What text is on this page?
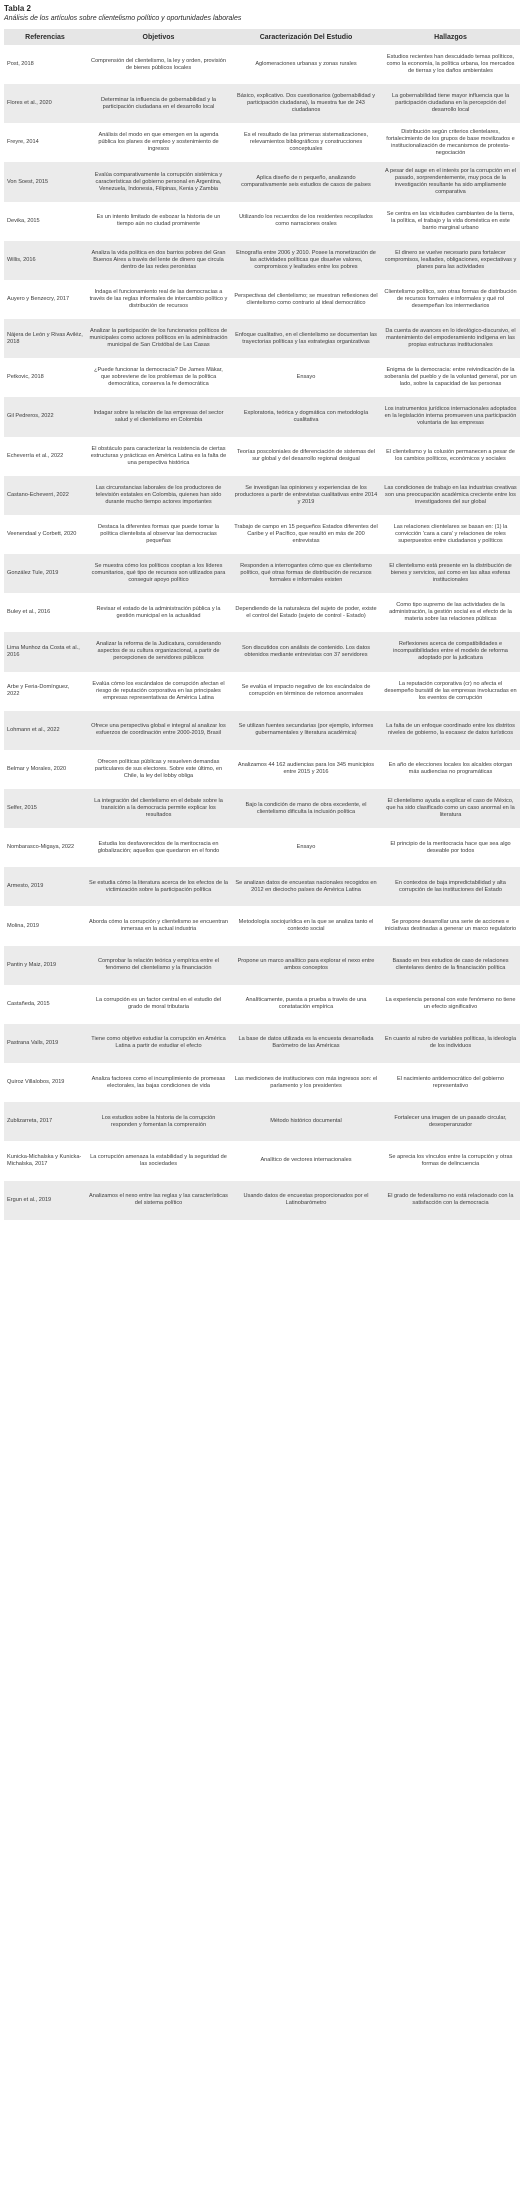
Tabla 2

Análisis de los artículos sobre clientelismo político y oportunidades laborales

Referencias	Objetivos	Caracterización Del Estudio	Hallazgos

Post, 2018	Comprensión del clientelismo, la ley y orden, provisión de bienes públicos locales	Aglomeraciones urbanas y zonas rurales	Estudios recientes han descuidado temas políticos, como la economía, la política urbana, los mercados de tierras y los daños ambientales

Flores et al., 2020	Determinar la influencia de gobernabilidad y la participación ciudadana en el desarrollo local	Básico, explicativo. Dos cuestionarios (gobernabilidad y participación ciudadana), la muestra fue de 243 ciudadanos	La gobernabilidad tiene mayor influencia que la participación ciudadana en la percepción del desarrollo local

Freyre, 2014	Análisis del modo en que emergen en la agenda pública los planes de empleo y sostenimiento de ingresos	Es el resultado de las primeras sistematizaciones, relevamientos bibliográficos y construcciones conceptuales	Distribución según criterios clientelares, fortalecimiento de los grupos de base movilizados e institucionalización de mecanismos de protesta-negociación

Von Soest, 2015	Evalúa comparativamente la corrupción sistémica y características del gobierno personal en Argentina, Venezuela, Indonesia, Filipinas, Kenia y Zambia	Aplica diseño de n pequeño, analizando comparativamente seis estudios de casos de países	A pesar del auge en el interés por la corrupción en el pasado, sorprendentemente, muy poca de la investigación resultante ha sido ampliamente comparativa

Devika, 2015	Es un intento limitado de esbozar la historia de un tiempo aún no ciudad prominente	Utilizando los recuerdos de los residentes recopilados como narraciones orales	Se centra en las vicisitudes cambiantes de la tierra, la política, el trabajo y la vida doméstica en este barrio marginal urbano

Willis, 2016	Analiza la vida política en dos barrios pobres del Gran Buenos Aires a través del lente de dinero que circula dentro de las redes peronistas	Etnografía entre 2006 y 2010. Posee la monetización de las actividades políticas que disuelve valores, compromisos y lealtades entre los pobres	El dinero se vuelve necesario para fortalecer compromisos, lealtades, obligaciones, expectativas y planes para las actividades

Auyero y Benzecry, 2017	Indaga el funcionamiento real de las democracias a través de las reglas informales de intercambio político y distribución de recursos	Perspectivas del clientelismo; se muestran reflexiones del clientelismo como contrario al ideal democrático	Clientelismo político, son otras formas de distribución de recursos formales e informales y qué rol desempeñan los intermediarios

Nájera de León y Rivas Aviléz, 2018	Analizar la participación de los funcionarios políticos de municipales como actores políticos en la administración municipal de San Cristóbal de Las Casas	Enfoque cualitativo, en el clientelismo se documentan las trayectorias políticas y las estrategias organizativas	Da cuenta de avances en lo ideológico-discursivo, el mantenimiento del empoderamiento indígena en las propias estructuras institucionales

Petkovic, 2018	¿Puede funcionar la democracia? De James Mäkar, que sobreviene de los problemas de la política democrática, conserva la fe democrática	Ensayo	Enigma de la democracia: entre reivindicación de la soberanía del pueblo y de la voluntad general, por un lado, sobre la capacidad de las personas

Gil Pedreros, 2022	Indagar sobre la relación de las empresas del sector salud y el clientelismo en Colombia	Exploratoria, teórica y dogmática con metodología cualitativa	Los instrumentos jurídicos internacionales adoptados en la legislación interna promueven una participación voluntaria de las empresas

Echeverría et al., 2022	El obstáculo para caracterizar la resistencia de ciertas estructuras y prácticas en América Latina es la falta de una perspectiva histórica	Teorías poscoloniales de diferenciación de sistemas del sur global y del desarrollo regional desigual	El clientelismo y la colusión permanecen a pesar de los cambios políticos, económicos y sociales

Castano-Echeverri, 2022	Las circunstancias laborales de los productores de televisión estatales en Colombia, quienes han sido durante mucho tiempo actores importantes	Se investigan las opiniones y experiencias de los productores a partir de entrevistas cualitativas entre 2014 y 2019	Las condiciones de trabajo en las industrias creativas son una preocupación académica creciente entre los investigadores del sur global

Veenendaal y Corbett, 2020	Destaca la diferentes formas que puede tomar la política clientelista al observar las democracias pequeñas	Trabajo de campo en 15 pequeños Estados diferentes del Caribe y el Pacífico, que resultó en más de 200 entrevistas	Las relaciones clientelares se basan en: (1) la convicción 'cara a cara' y relaciones de roles superpuestos entre ciudadanos y políticos

González Tule, 2019	Se muestra cómo los políticos cooptan a los líderes comunitarios, qué tipo de recursos son utilizados para conseguir apoyo político	Responden a interrogantes cómo que es clientelismo político, qué otras formas de distribución de recursos formales e informales existen	El clientelismo está presente en la distribución de bienes y servicios, así como en las altas esferas institucionales

Buley et al., 2016	Revisar el estado de la administración pública y la gestión municipal en la actualidad	Dependiendo de la naturaleza del sujeto de poder, existe el control del Estado (sujeto de control - Estado)	Como tipo supremo de las actividades de la administración, la gestión social es el efecto de la materia sobre las relaciones públicas

Lima Munhoz da Costa et al., 2016	Analizar la reforma de la Judicatura, considerando aspectos de su cultura organizacional, a partir de percepciones de servidores públicos	Son discutidos con análisis de contenido. Los datos obtenidos mediante entrevistas con 37 servidores	Reflexiones acerca de compatibilidades e incompatibilidades entre el modelo de reforma adoptado por la judicatura

Arbe y Feria-Domínguez, 2022	Evalúa cómo los escándalos de corrupción afectan el riesgo de reputación corporativa en las principales empresas representativas de América Latina	Se evalúa el impacto negativo de los escándalos de corrupción en términos de retornos anormales	La reputación corporativa (cr) no afecta el desempeño bursátil de las empresas involucradas en los eventos de corrupción

Lohmann et al., 2022	Ofrece una perspectiva global e integral al analizar los esfuerzos de coordinación entre 2000-2019, Brasil	Se utilizan fuentes secundarias (por ejemplo, informes gubernamentales y literatura académica)	La falta de un enfoque coordinado entre los distritos niveles de gobierno, la escasez de datos turísticos

Belmar y Morales, 2020	Ofrecen políticas públicas y resuelven demandas particulares de sus electores. Sobre este último, en Chile, la ley del lobby obliga	Analizamos 44 162 audiencias para los 345 municipios entre 2015 y 2016	En año de elecciones locales los alcaldes otorgan más audiencias no programáticas

Selfer, 2015	La integración del clientelismo en el debate sobre la transición a la democracia permite explicar los resultados	Bajo la condición de mano de obra excedente, el clientelismo dificulta la inclusión política	El clientelismo ayuda a explicar el caso de México, que ha sido clasificado como un caso anormal en la literatura

Nombarasco-Migaya, 2022	Estudia los desfavorecidos de la meritocracia en globalización; aquellos que quedaron en el fondo	Ensayo	El principio de la meritocracia hace que sea algo deseable por todos

Armesto, 2019	Se estudia cómo la literatura acerca de los efectos de la victimización sobre la participación política	Se analizan datos de encuestas nacionales recogidos en 2012 en dieciocho países de América Latina	En contextos de baja impredictabilidad y alta corrupción de las instituciones del Estado

Molina, 2019	Aborda cómo la corrupción y clientelismo se encuentran inmersas en la actual industria	Metodología sociojurídica en la que se analiza tanto el contexto social	Se propone desarrollar una serie de acciones e iniciativas destinadas a generar un marco regulatorio

Pantin y Maiz, 2019	Comprobar la relación teórica y empírica entre el fenómeno del clientelismo y la financiación	Propone un marco analítico para explorar el nexo entre ambos conceptos	Basado en tres estudios de caso de relaciones clientelares dentro de la financiación política

Castañeda, 2015	La corrupción es un factor central en el estudio del grado de moral tributaria	Analíticamente, puesta a prueba a través de una constatación empírica	La experiencia personal con este fenómeno no tiene un efecto significativo

Pastrana Valls, 2019	Tiene como objetivo estudiar la corrupción en América Latina a partir de estudiar el efecto	La base de datos utilizada es la encuesta desarrollada Barómetro de las Américas	En cuanto al rubro de variables políticas, la ideología de los individuos

Quiroz Villalobos, 2019	Analiza factores como el incumplimiento de promesas electorales, las bajas condiciones de vida	Las mediciones de instituciones con más ingresos son: el parlamento y los presidentes	El nacimiento antidemocrático del gobierno representativo

Zublizarreta, 2017	Los estudios sobre la historia de la corrupción responden y fomentan la comprensión	Método histórico documental	Fortalecer una imagen de un pasado circular, desesperanzador

Kunicka-Michalska y Kunicka-Michalska, 2017	La corrupción amenaza la estabilidad y la seguridad de las sociedades	Analítico de vectores internacionales	Se aprecia los vínculos entre la corrupción y otras formas de delincuencia

Ergun et al., 2019	Analizamos el nexo entre las reglas y las características del sistema político	Usando datos de encuestas proporcionados por el Latinobarómetro	El grado de federalismo no está relacionado con la satisfacción con la democracia
